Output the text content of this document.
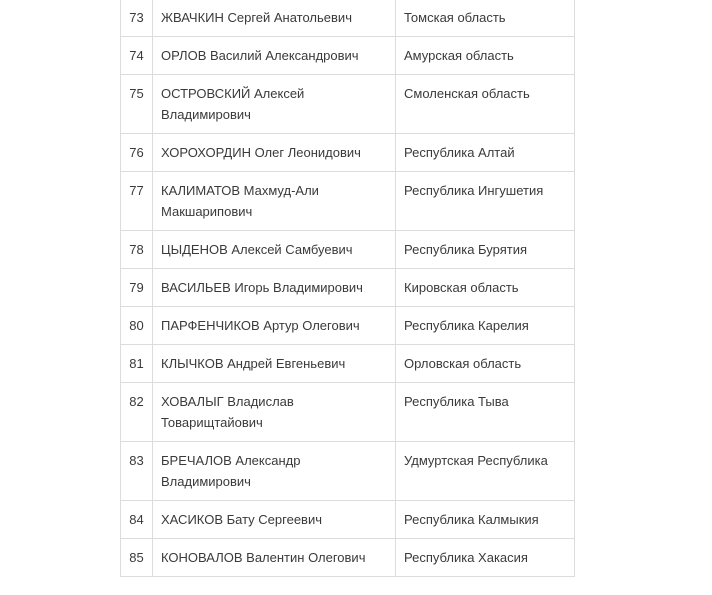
73	ЖВАЧКИН Сергей Анатольевич	Томская область
74	ОРЛОВ Василий Александрович	Амурская область
75	ОСТРОВСКИЙ Алексей Владимирович	Смоленская область
76	ХОРОХОРДИН Олег Леонидович	Республика Алтай
77	КАЛИМАТОВ Махмуд-Али Макшарипович	Республика Ингушетия
78	ЦЫДЕНОВ Алексей Самбуевич	Республика Бурятия
79	ВАСИЛЬЕВ Игорь Владимирович	Кировская область
80	ПАРФЕНЧИКОВ Артур Олегович	Республика Карелия
81	КЛЫЧКОВ Андрей Евгеньевич	Орловская область
82	ХОВАЛЫГ Владислав Товарищтайович	Республика Тыва
83	БРЕЧАЛОВ Александр Владимирович	Удмуртская Республика
84	ХАСИКОВ Бату Сергеевич	Республика Калмыкия
85	КОНОВАЛОВ Валентин Олегович	Республика Хакасия
